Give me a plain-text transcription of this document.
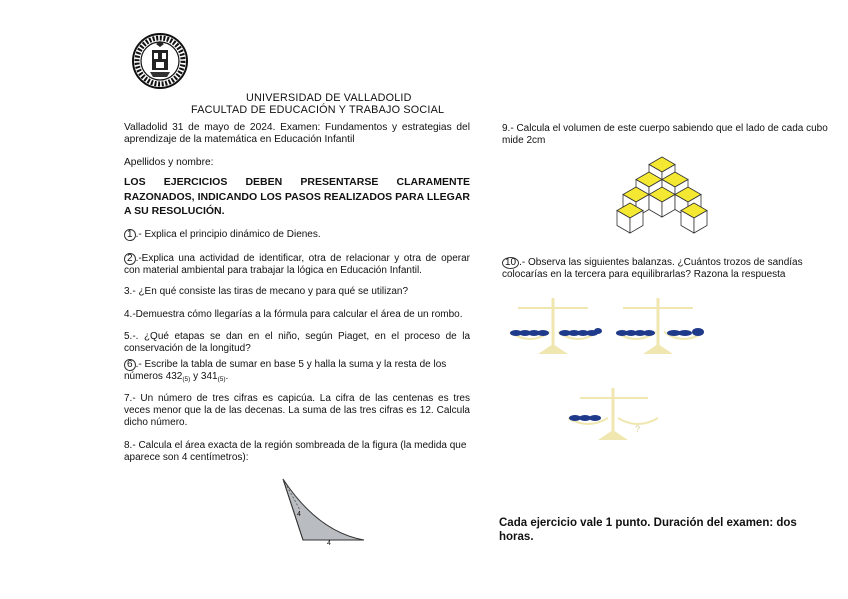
UNIVERSIDAD DE VALLADOLID
FACULTAD DE EDUCACIÓN Y TRABAJO SOCIAL
Valladolid 31 de mayo de 2024. Examen: Fundamentos y estrategias del aprendizaje de la matemática en Educación Infantil
Apellidos y nombre:
LOS EJERCICIOS DEBEN PRESENTARSE CLARAMENTE RAZONADOS, INDICANDO LOS PASOS REALIZADOS PARA LLEGAR A SU RESOLUCIÓN.
1 .- Explica el principio dinámico de Dienes.
2 .-Explica una actividad de identificar, otra de relacionar y otra de operar con material ambiental para trabajar la lógica en Educación Infantil.
3.- ¿En qué consiste las tiras de mecano y para qué se utilizan?
4.-Demuestra cómo llegarías a la fórmula para calcular el área de un rombo.
5.-. ¿Qué etapas se dan en el niño, según Piaget, en el proceso de la conservación de la longitud?
6 .- Escribe la tabla de sumar en base 5 y halla la suma y la resta de los números $432_{(5)}$ y $341_{(5)}$.
7.- Un número de tres cifras es capicúa. La cifra de las centenas es tres veces menor que la de las decenas. La suma de las tres cifras es 12. Calcula dicho número.
8.- Calcula el área exacta de la región sombreada de la figura (la medida que aparece son 4 centímetros):
4
4
9.- Calcula el volumen de este cuerpo sabiendo que el lado de cada cubo mide 2cm
10 .- Observa las siguientes balanzas. ¿Cuántos trozos de sandías colocarías en la tercera para equilibrarlas? Razona la respuesta
?
Cada ejercicio vale 1 punto. Duración del examen: dos horas.
